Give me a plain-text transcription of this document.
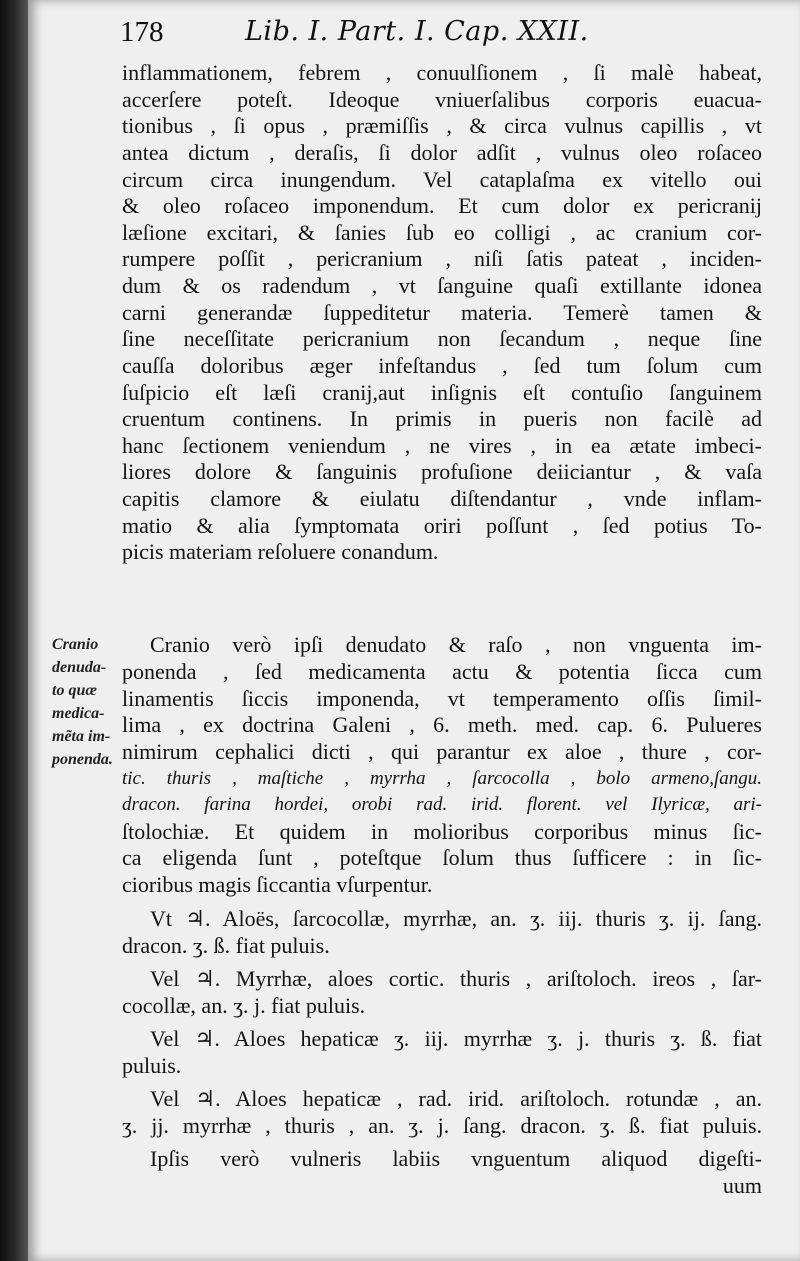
178	Lib. I. Part. I. Cap. XXII.
Cranio
denuda-
to quæ
medica-
mẽta im-
ponenda.
inflammationem, febrem , conuulſionem , ſi malè habeat,
accerſere poteſt. Ideoque vniuerſalibus corporis euacua-
tionibus , ſi opus , præmiſſis , & circa vulnus capillis , vt
antea dictum , deraſis, ſi dolor adſit , vulnus oleo roſaceo
circum circa inungendum. Vel cataplaſma ex vitello oui
& oleo roſaceo imponendum. Et cum dolor ex pericranij
læſione excitari, & ſanies ſub eo colligi , ac cranium cor-
rumpere poſſit , pericranium , niſi ſatis pateat , inciden-
dum & os radendum , vt ſanguine quaſi extillante idonea
carni generandæ ſuppeditetur materia. Temerè tamen &
ſine neceſſitate pericranium non ſecandum , neque ſine
cauſſa doloribus æger infeſtandus , ſed tum ſolum cum
ſuſpicio eſt læſi cranij,aut inſignis eſt contuſio ſanguinem
cruentum continens. In primis in pueris non facilè ad
hanc ſectionem veniendum , ne vires , in ea ætate imbeci-
liores dolore & ſanguinis profuſione deiiciantur , & vaſa
capitis clamore & eiulatu diſtendantur , vnde inflam-
matio & alia ſymptomata oriri poſſunt , ſed potius To-
picis materiam reſoluere conandum.
Cranio verò ipſi denudato & raſo , non vnguenta im-
ponenda , ſed medicamenta actu & potentia ſicca cum
linamentis ſiccis imponenda, vt temperamento oſſis ſimil-
lima , ex doctrina Galeni , 6. meth. med. cap. 6. Pulueres
nimirum cephalici dicti , qui parantur ex aloe , thure , cor-
tic. thuris , maſtiche , myrrha , ſarcocolla , bolo armeno,ſangu.
dracon. farina hordei, orobi rad. irid. florent. vel Ilyricæ, ari-
ſtolochiæ. Et quidem in molioribus corporibus minus ſic-
ca eligenda ſunt , poteſtque ſolum thus ſufficere : in ſic-
cioribus magis ſiccantia vſurpentur.
Vt ♃. Aloës, ſarcocollæ, myrrhæ, an. ʒ. iij. thuris ʒ. ij. ſang.
dracon. ʒ. ß. fiat puluis.
Vel ♃. Myrrhæ, aloes cortic. thuris , ariſtoloch. ireos , ſar-
cocollæ, an. ʒ. j. fiat puluis.
Vel ♃. Aloes hepaticæ ʒ. iij. myrrhæ ʒ. j. thuris ʒ. ß. fiat
puluis.
Vel ♃. Aloes hepaticæ , rad. irid. ariſtoloch. rotundæ , an.
ʒ. jj. myrrhæ , thuris , an. ʒ. j. ſang. dracon. ʒ. ß. fiat puluis.
Ipſis verò vulneris labiis vnguentum aliquod digeſti-
uum
